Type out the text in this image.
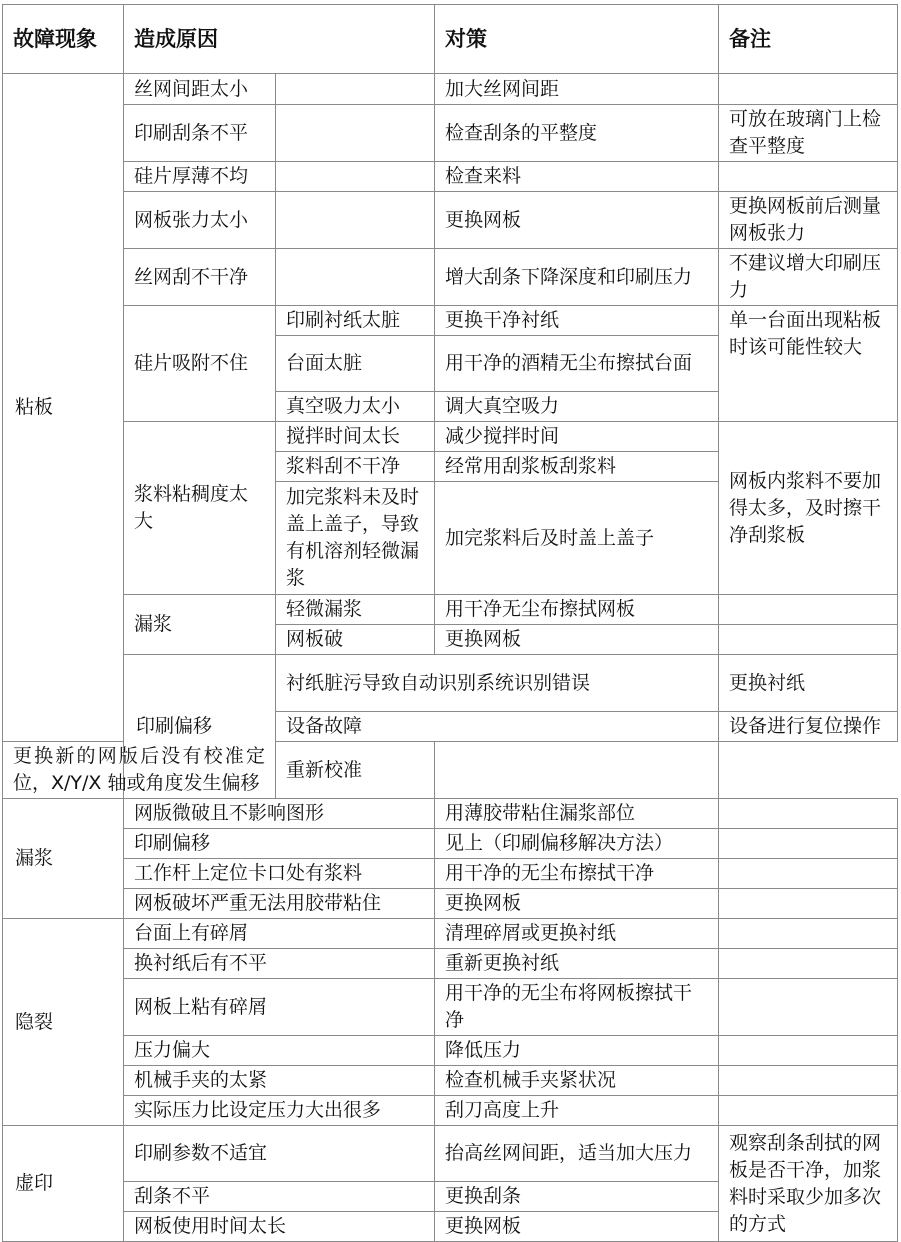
故障现象	造成原因		对策	备注	
粘板	丝网间距太小		加大丝网间距		
	印刷刮条不平		检查刮条的平整度	可放在玻璃门上检查平整度	
	硅片厚薄不均		检查来料		
	网板张力太小		更换网板	更换网板前后测量网板张力	
	丝网刮不干净		增大刮条下降深度和印刷压力	不建议增大印刷压力	
	硅片吸附不住	印刷衬纸太脏	更换干净衬纸	单一台面出现粘板时该可能性较大	
		台面太脏	用干净的酒精无尘布擦拭台面		
		真空吸力太小	调大真空吸力		
	浆料粘稠度太大	搅拌时间太长	减少搅拌时间	网板内浆料不要加得太多，及时擦干净刮浆板	
		浆料刮不干净	经常用刮浆板刮浆料		
		加完浆料未及时盖上盖子，导致有机溶剂轻微漏浆	加完浆料后及时盖上盖子		
	漏浆	轻微漏浆	用干净无尘布擦拭网板		
		网板破	更换网板		
	印刷偏移	衬纸脏污导致自动识别系统识别错误		更换衬纸	
		设备故障		设备进行复位操作	
更换新的网版后没有校准定位，X/Y/X 轴或角度发生偏移		重新校准			
漏浆	网版微破且不影响图形		用薄胶带粘住漏浆部位		
	印刷偏移		见上（印刷偏移解决方法）		
	工作杆上定位卡口处有浆料		用干净的无尘布擦拭干净		
	网板破坏严重无法用胶带粘住		更换网板		
隐裂	台面上有碎屑		清理碎屑或更换衬纸		
	换衬纸后有不平		重新更换衬纸		
	网板上粘有碎屑		用干净的无尘布将网板擦拭干净		
	压力偏大		降低压力		
	机械手夹的太紧		检查机械手夹紧状况		
	实际压力比设定压力大出很多		刮刀高度上升		
虚印	印刷参数不适宜		抬高丝网间距，适当加大压力	观察刮条刮拭的网板是否干净，加浆料时采取少加多次的方式	
	刮条不平		更换刮条		
	网板使用时间太长		更换网板		
